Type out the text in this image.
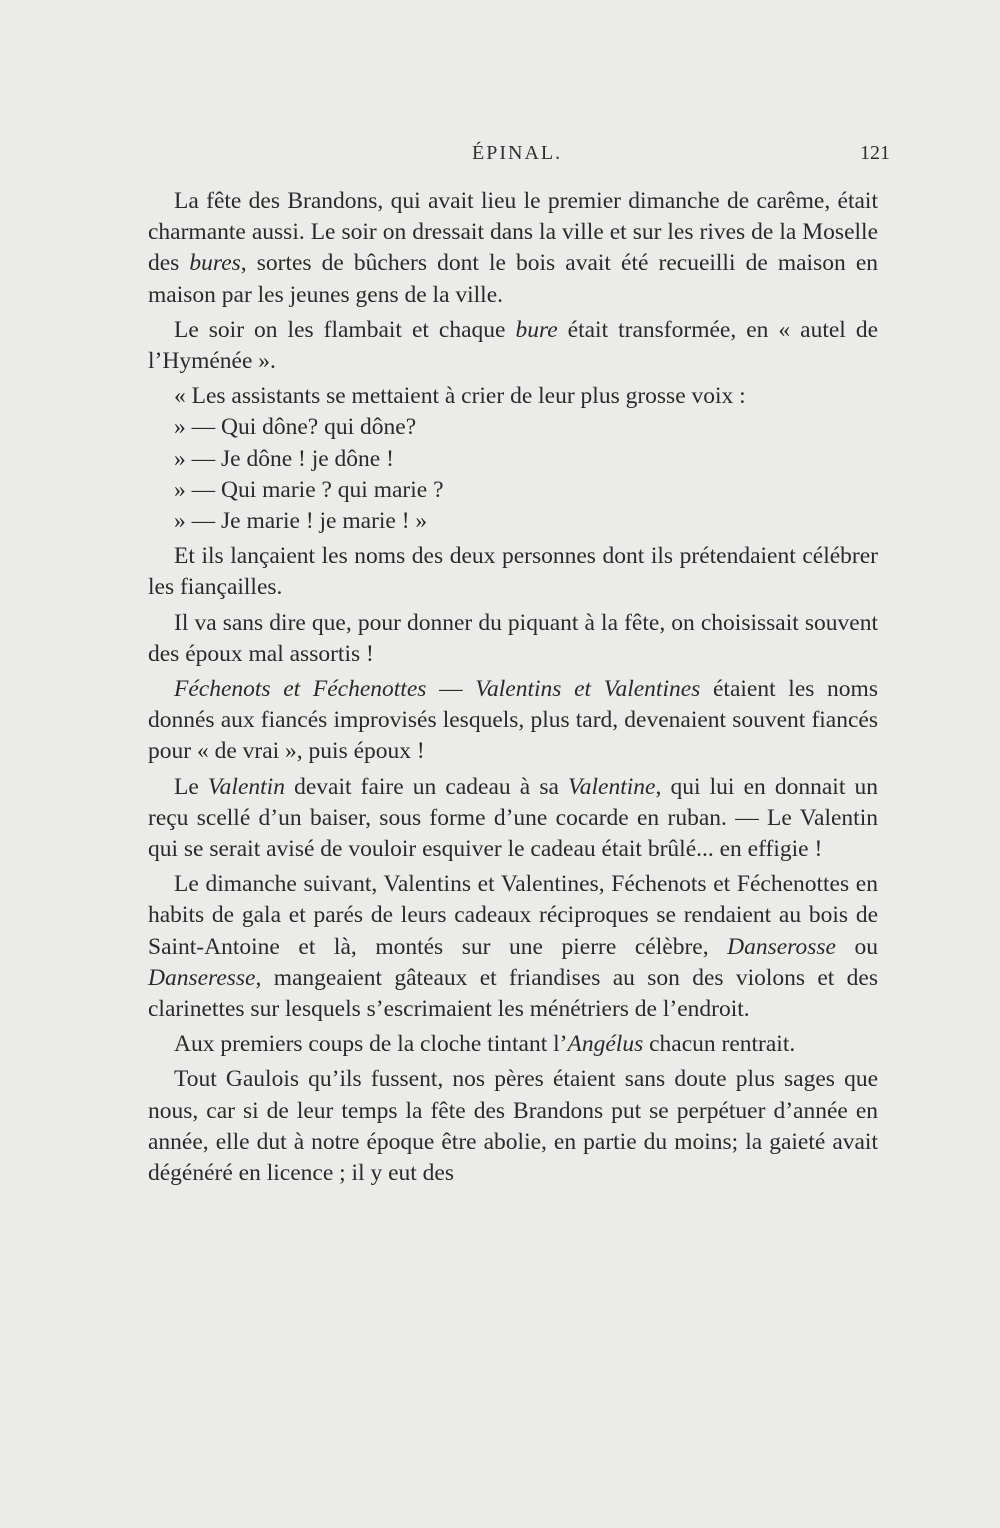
ÉPINAL.	121

La fête des Brandons, qui avait lieu le premier dimanche de carême, était charmante aussi. Le soir on dressait dans la ville et sur les rives de la Moselle des bures, sortes de bûchers dont le bois avait été recueilli de maison en maison par les jeunes gens de la ville.

Le soir on les flambait et chaque bure était transformée, en « autel de l’Hyménée ».

« Les assistants se mettaient à crier de leur plus grosse voix :

» — Qui dône? qui dône?

» — Je dône ! je dône !

» — Qui marie ? qui marie ?

» — Je marie ! je marie ! »

Et ils lançaient les noms des deux personnes dont ils prétendaient célébrer les fiançailles.

Il va sans dire que, pour donner du piquant à la fête, on choisissait souvent des époux mal assortis !

Féchenots et Féchenottes — Valentins et Valentines étaient les noms donnés aux fiancés improvisés lesquels, plus tard, devenaient souvent fiancés pour « de vrai », puis époux !

Le Valentin devait faire un cadeau à sa Valentine, qui lui en donnait un reçu scellé d’un baiser, sous forme d’une cocarde en ruban. — Le Valentin qui se serait avisé de vouloir esquiver le cadeau était brûlé... en effigie !

Le dimanche suivant, Valentins et Valentines, Féchenots et Féchenottes en habits de gala et parés de leurs cadeaux réciproques se rendaient au bois de Saint-Antoine et là, montés sur une pierre célèbre, Danserosse ou Danseresse, mangeaient gâteaux et friandises au son des violons et des clarinettes sur lesquels s’escrimaient les ménétriers de l’endroit.

Aux premiers coups de la cloche tintant l’Angélus chacun rentrait.

Tout Gaulois qu’ils fussent, nos pères étaient sans doute plus sages que nous, car si de leur temps la fête des Brandons put se perpétuer d’année en année, elle dut à notre époque être abolie, en partie du moins; la gaieté avait dégénéré en licence ; il y eut des
